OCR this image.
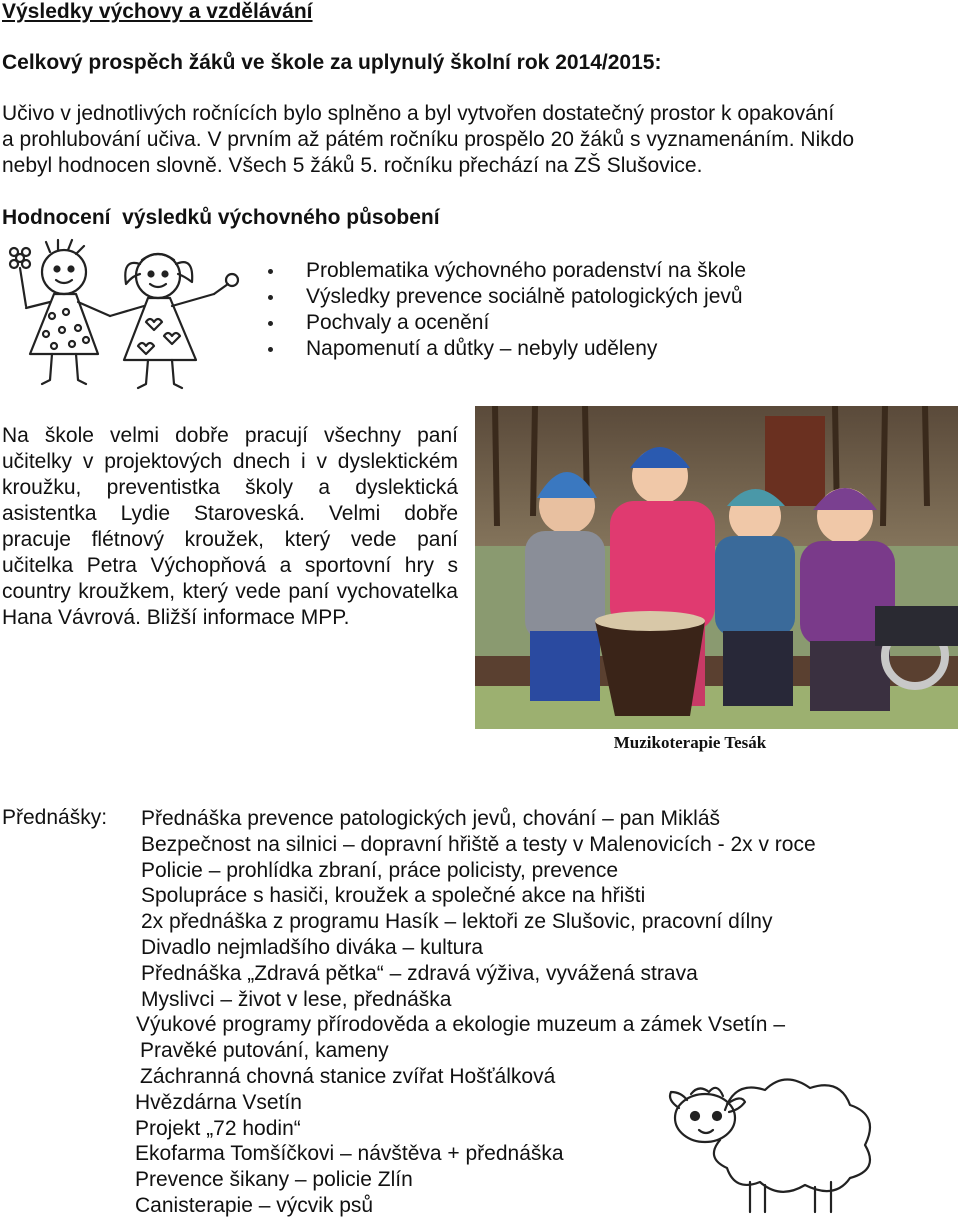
Výsledky výchovy a vzdělávání
Celkový prospěch žáků ve škole za uplynulý školní rok 2014/2015:
Učivo v jednotlivých ročnících bylo splněno a byl vytvořen dostatečný prostor k opakování
a prohlubování učiva. V prvním až pátém ročníku prospělo 20 žáků s vyznamenáním. Nikdo
nebyl hodnocen slovně. Všech 5 žáků 5. ročníku přechází na ZŠ Slušovice.
Hodnocení  výsledků výchovného působení
Problematika výchovného poradenství na škole
Výsledky prevence sociálně patologických jevů
Pochvaly a ocenění
Napomenutí a důtky – nebyly uděleny
Na škole velmi dobře pracují všechny paní učitelky v projektových dnech i v dyslektickém kroužku, preventistka školy a dyslektická asistentka Lydie Staroveská. Velmi dobře pracuje flétnový kroužek, který vede paní učitelka Petra Výchopňová a sportovní hry s country kroužkem, který vede paní vychovatelka Hana Vávrová. Bližší informace MPP.
Muzikoterapie Tesák
Přednášky:	Přednáška prevence patologických jevů, chování – pan Mikláš
Bezpečnost na silnici – dopravní hřiště a testy v Malenovicích - 2x v roce
Policie – prohlídka zbraní, práce policisty, prevence
Spolupráce s hasiči, kroužek a společné akce na hřišti
2x přednáška z programu Hasík – lektoři ze Slušovic, pracovní dílny
Divadlo nejmladšího diváka – kultura
Přednáška „Zdravá pětka“ – zdravá výživa, vyvážená strava
Myslivci – život v lese, přednáška
Výukové programy přírodověda a ekologie muzeum a zámek Vsetín –
Pravěké putování, kameny
Záchranná chovná stanice zvířat Hošťálková
Hvězdárna Vsetín
Projekt „72 hodin“
Ekofarma Tomšíčkovi – návštěva + přednáška
Prevence šikany – policie Zlín
Canisterapie – výcvik psů
